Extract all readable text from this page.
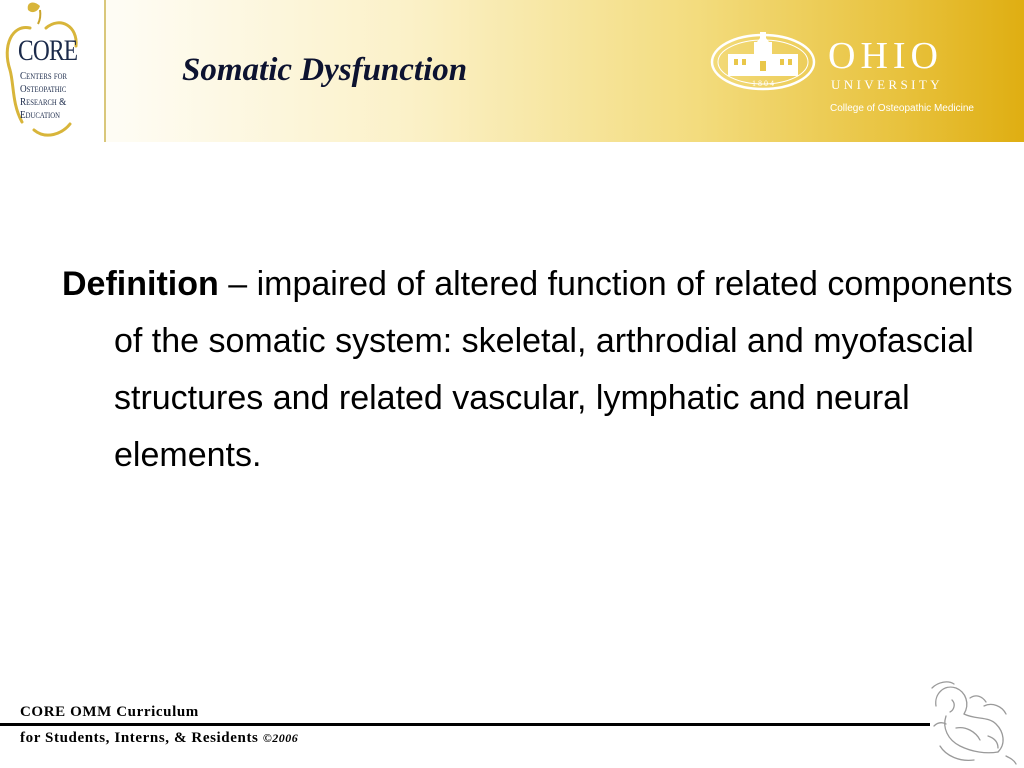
CORE
Centers for
Osteopathic
Research &
Education
Somatic Dysfunction	1 8 0 4
OHIO
UNIVERSITY
College of Osteopathic Medicine

Definition – impaired of altered function of related components of the somatic system: skeletal, arthrodial and myofascial structures and related vascular, lymphatic and neural elements.

CORE OMM Curriculum
for Students, Interns, & Residents ©2006
